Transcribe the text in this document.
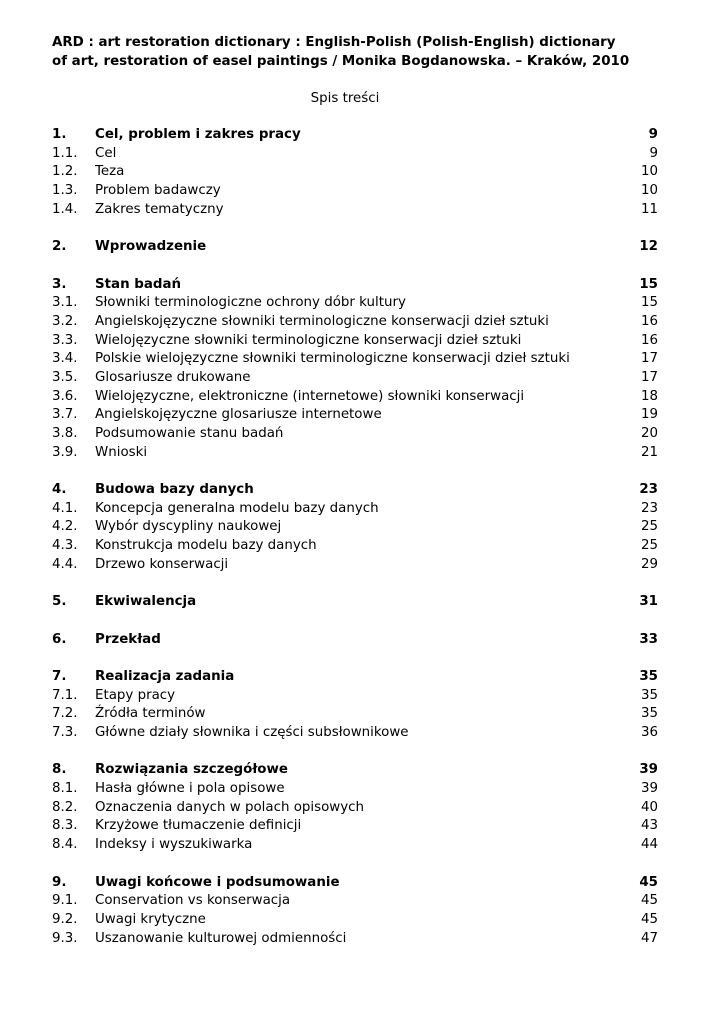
ARD : art restoration dictionary : English-Polish (Polish-English) dictionary
of art, restoration of easel paintings / Monika Bogdanowska. – Kraków, 2010
Spis treści
1. Cel, problem i zakres pracy	9
1.1. Cel	9
1.2. Teza	10
1.3. Problem badawczy	10
1.4. Zakres tematyczny	11
2. Wprowadzenie	12
3. Stan badań	15
3.1. Słowniki terminologiczne ochrony dóbr kultury	15
3.2. Angielskojęzyczne słowniki terminologiczne konserwacji dzieł sztuki	16
3.3. Wielojęzyczne słowniki terminologiczne konserwacji dzieł sztuki	16
3.4. Polskie wielojęzyczne słowniki terminologiczne konserwacji dzieł sztuki	17
3.5. Glosariusze drukowane	17
3.6. Wielojęzyczne, elektroniczne (internetowe) słowniki konserwacji	18
3.7. Angielskojęzyczne glosariusze internetowe	19
3.8. Podsumowanie stanu badań	20
3.9. Wnioski	21
4. Budowa bazy danych	23
4.1. Koncepcja generalna modelu bazy danych	23
4.2. Wybór dyscypliny naukowej	25
4.3. Konstrukcja modelu bazy danych	25
4.4. Drzewo konserwacji	29
5. Ekwiwalencja	31
6. Przekład	33
7. Realizacja zadania	35
7.1. Etapy pracy	35
7.2. Źródła terminów	35
7.3. Główne działy słownika i części subsłownikowe	36
8. Rozwiązania szczegółowe	39
8.1. Hasła główne i pola opisowe	39
8.2. Oznaczenia danych w polach opisowych	40
8.3. Krzyżowe tłumaczenie definicji	43
8.4. Indeksy i wyszukiwarka	44
9. Uwagi końcowe i podsumowanie	45
9.1. Conservation vs konserwacja	45
9.2. Uwagi krytyczne	45
9.3. Uszanowanie kulturowej odmienności	47
